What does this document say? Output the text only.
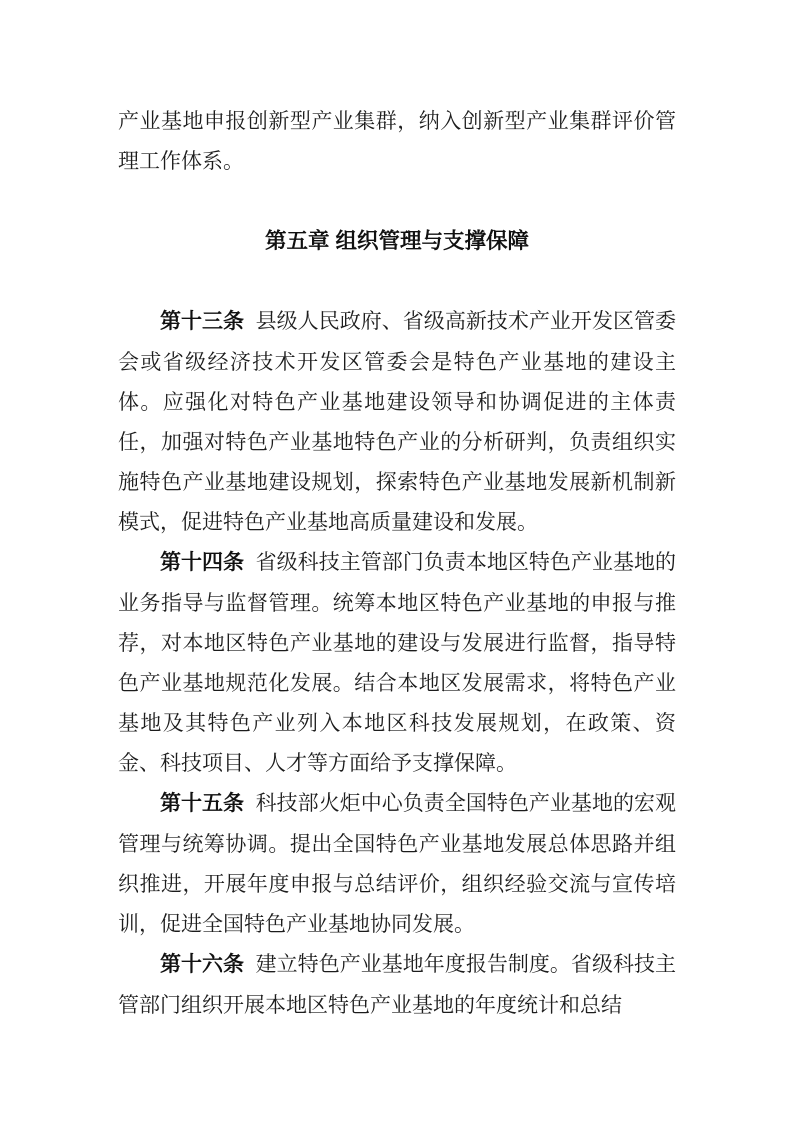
产业基地申报创新型产业集群，纳入创新型产业集群评价管理工作体系。

第五章 组织管理与支撑保障

第十三条 县级人民政府、省级高新技术产业开发区管委会或省级经济技术开发区管委会是特色产业基地的建设主体。应强化对特色产业基地建设领导和协调促进的主体责任，加强对特色产业基地特色产业的分析研判，负责组织实施特色产业基地建设规划，探索特色产业基地发展新机制新模式，促进特色产业基地高质量建设和发展。

第十四条 省级科技主管部门负责本地区特色产业基地的业务指导与监督管理。统筹本地区特色产业基地的申报与推荐，对本地区特色产业基地的建设与发展进行监督，指导特色产业基地规范化发展。结合本地区发展需求，将特色产业基地及其特色产业列入本地区科技发展规划，在政策、资金、科技项目、人才等方面给予支撑保障。

第十五条 科技部火炬中心负责全国特色产业基地的宏观管理与统筹协调。提出全国特色产业基地发展总体思路并组织推进，开展年度申报与总结评价，组织经验交流与宣传培训，促进全国特色产业基地协同发展。

第十六条 建立特色产业基地年度报告制度。省级科技主管部门组织开展本地区特色产业基地的年度统计和总结
